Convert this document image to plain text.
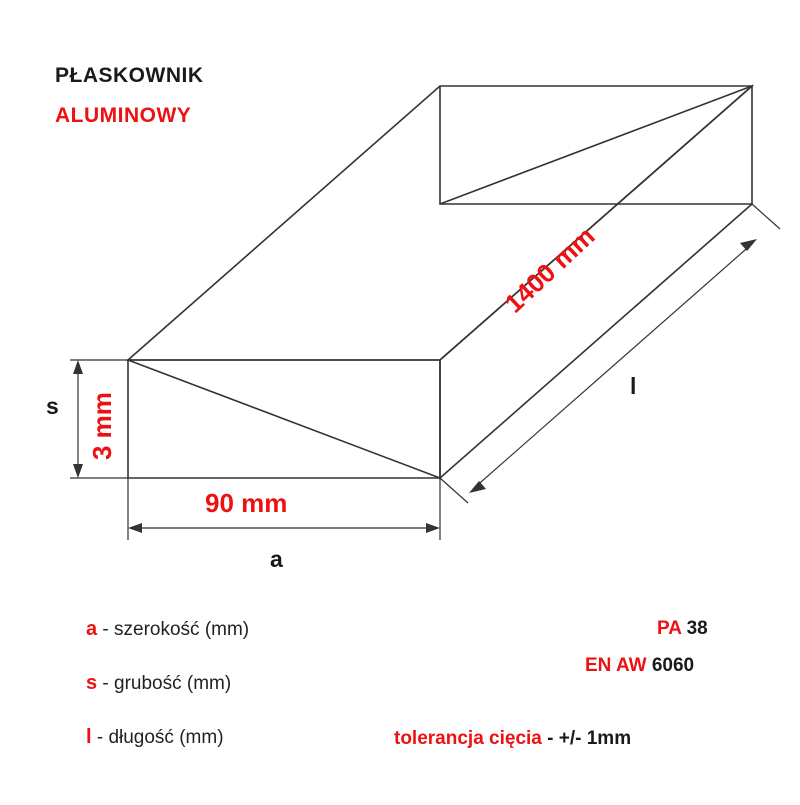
PŁASKOWNIK
ALUMINOWY
90 mm
a
3 mm
s
1400 mm
l
a - szerokość (mm)
s - grubość (mm)
l - długość (mm)
PA 38
EN AW 6060
tolerancja cięcia - +/- 1mm
